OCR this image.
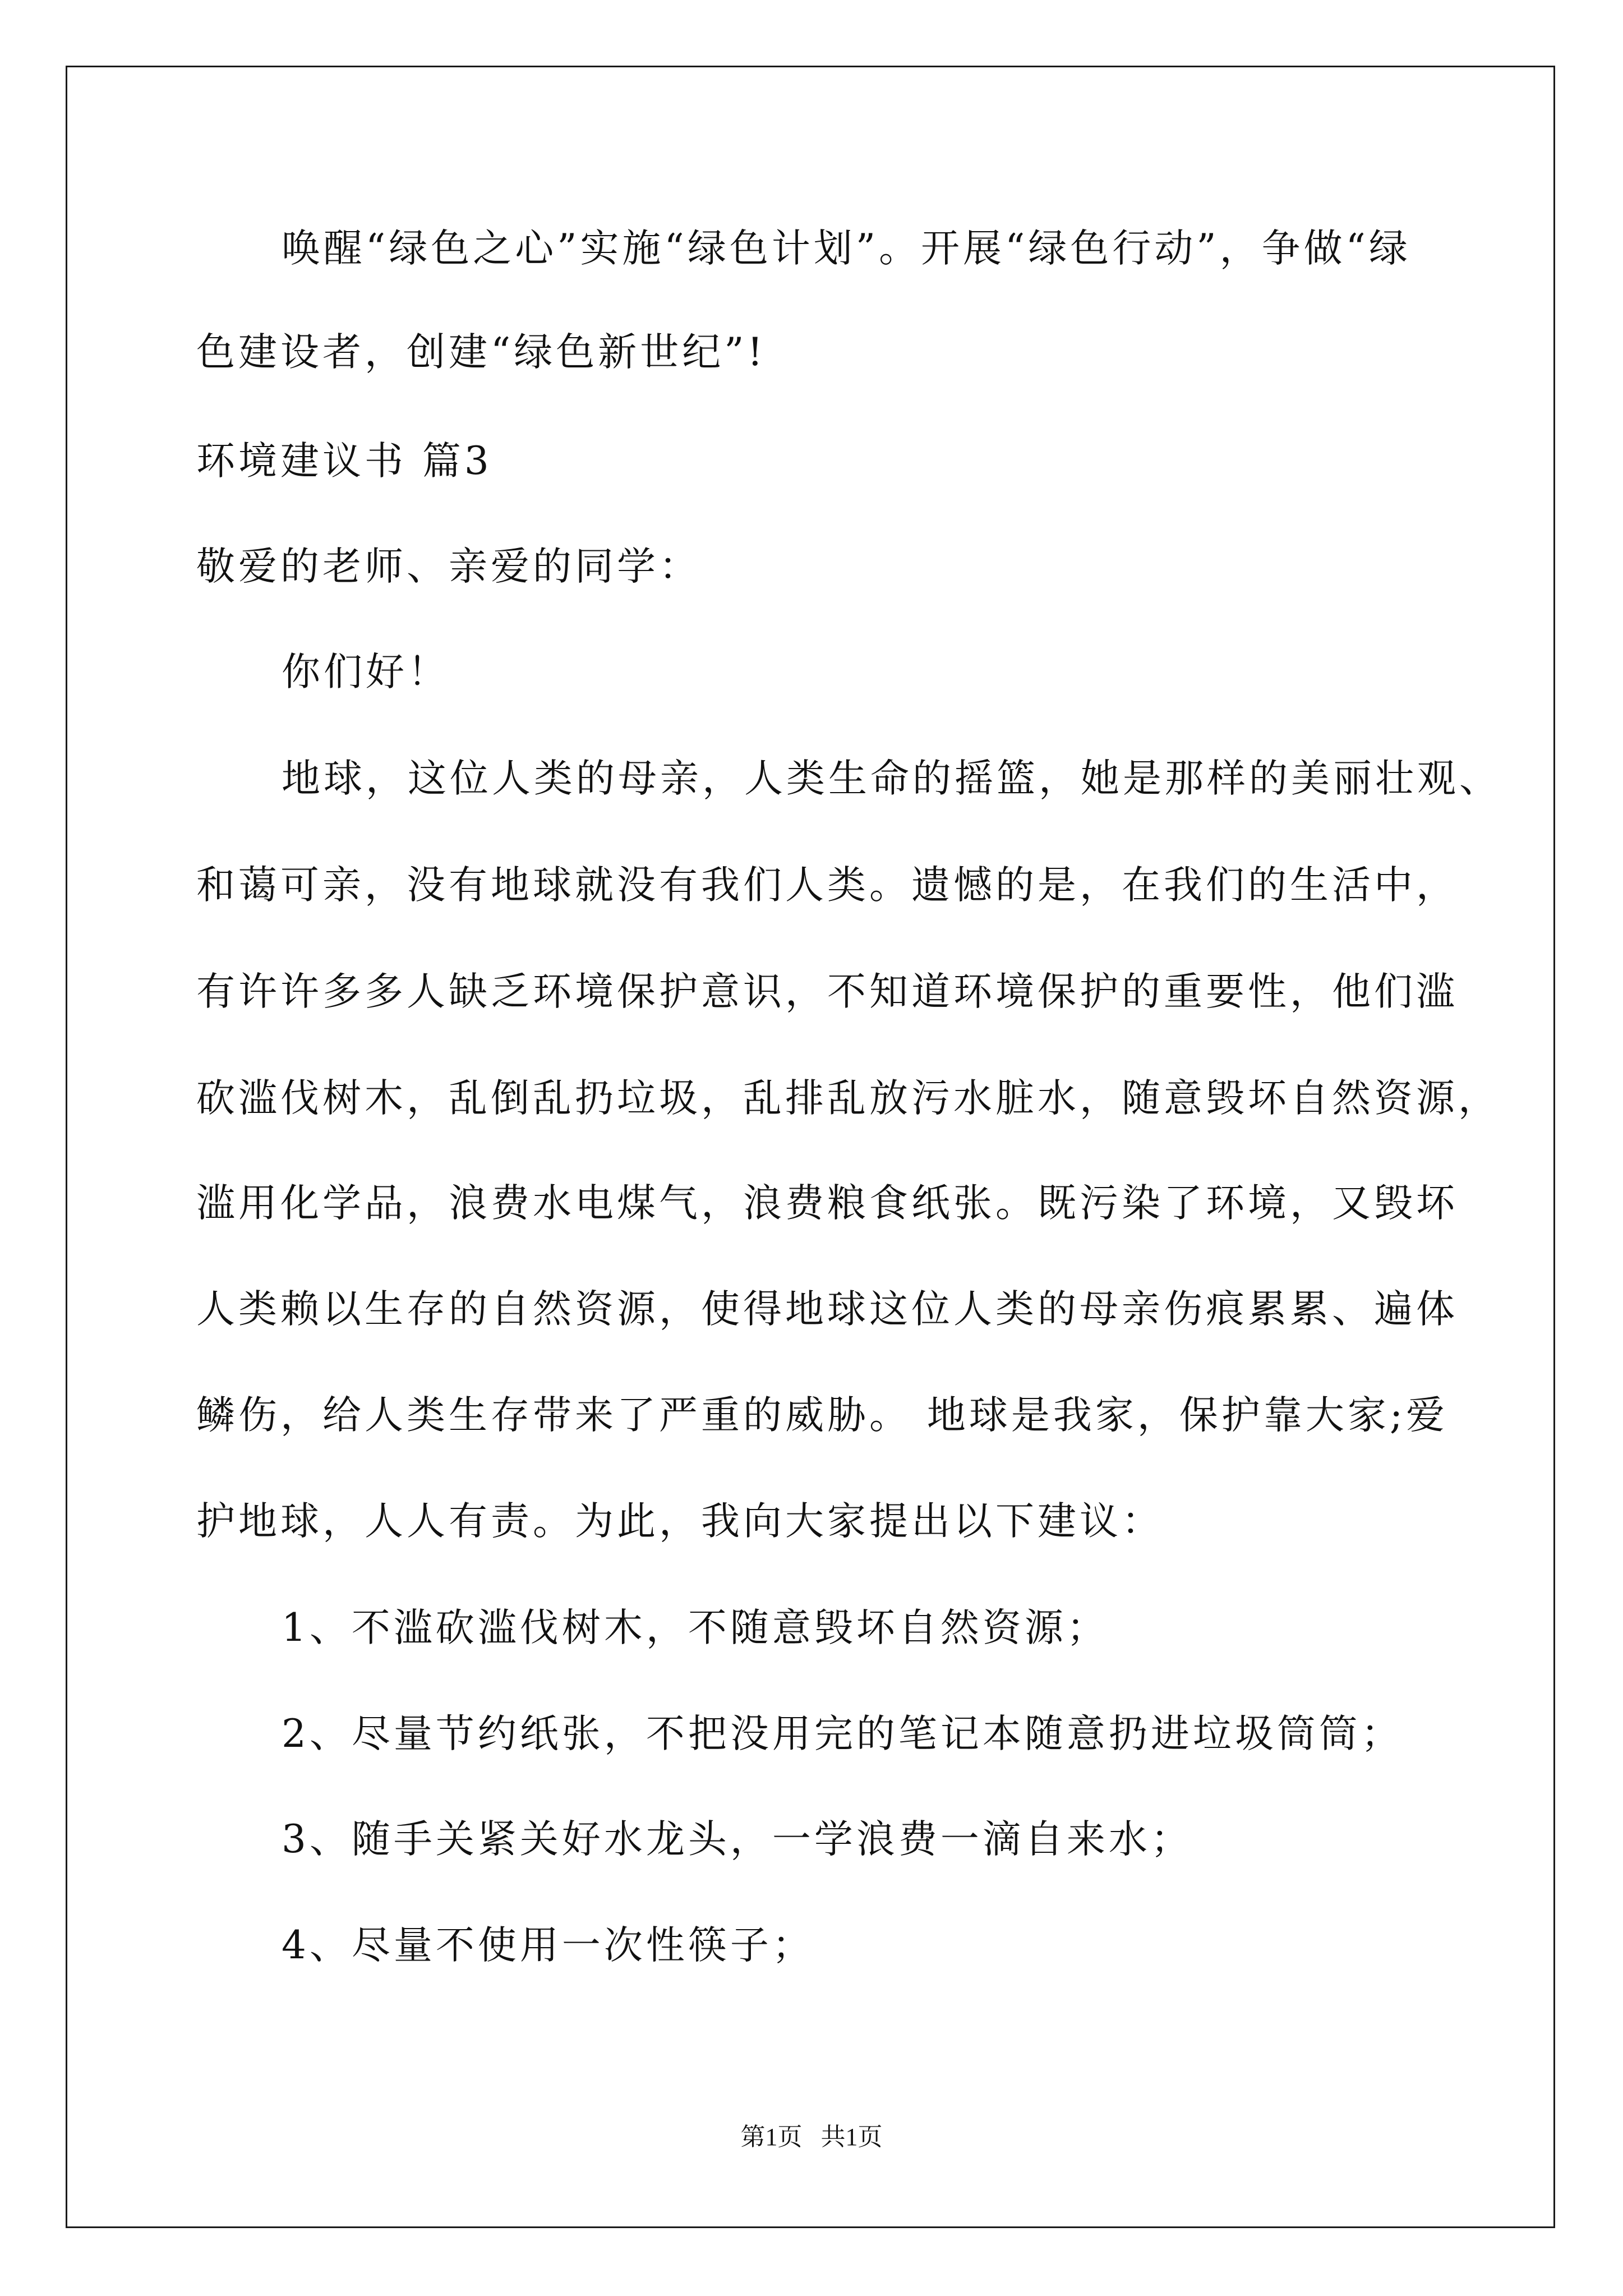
唤醒“绿色之心”实施“绿色计划”。开展“绿色行动”，争做“绿
色建设者，创建“绿色新世纪”!
环境建议书 篇3
敬爱的老师、亲爱的同学：
你们好！
地球，这位人类的母亲，人类生命的摇篮，她是那样的美丽壮观、
和蔼可亲，没有地球就没有我们人类。遗憾的是，在我们的生活中，
有许许多多人缺乏环境保护意识，不知道环境保护的重要性，他们滥
砍滥伐树木，乱倒乱扔垃圾，乱排乱放污水脏水，随意毁坏自然资源，
滥用化学品，浪费水电煤气，浪费粮食纸张。既污染了环境，又毁坏
人类赖以生存的自然资源，使得地球这位人类的母亲伤痕累累、遍体
鳞伤，给人类生存带来了严重的威胁。 地球是我家，保护靠大家;爱
护地球，人人有责。为此，我向大家提出以下建议：
1、不滥砍滥伐树木，不随意毁坏自然资源；
2、尽量节约纸张，不把没用完的笔记本随意扔进垃圾筒筒；
3、随手关紧关好水龙头，一学浪费一滴自来水；
4、尽量不使用一次性筷子；
第1页 共1页
